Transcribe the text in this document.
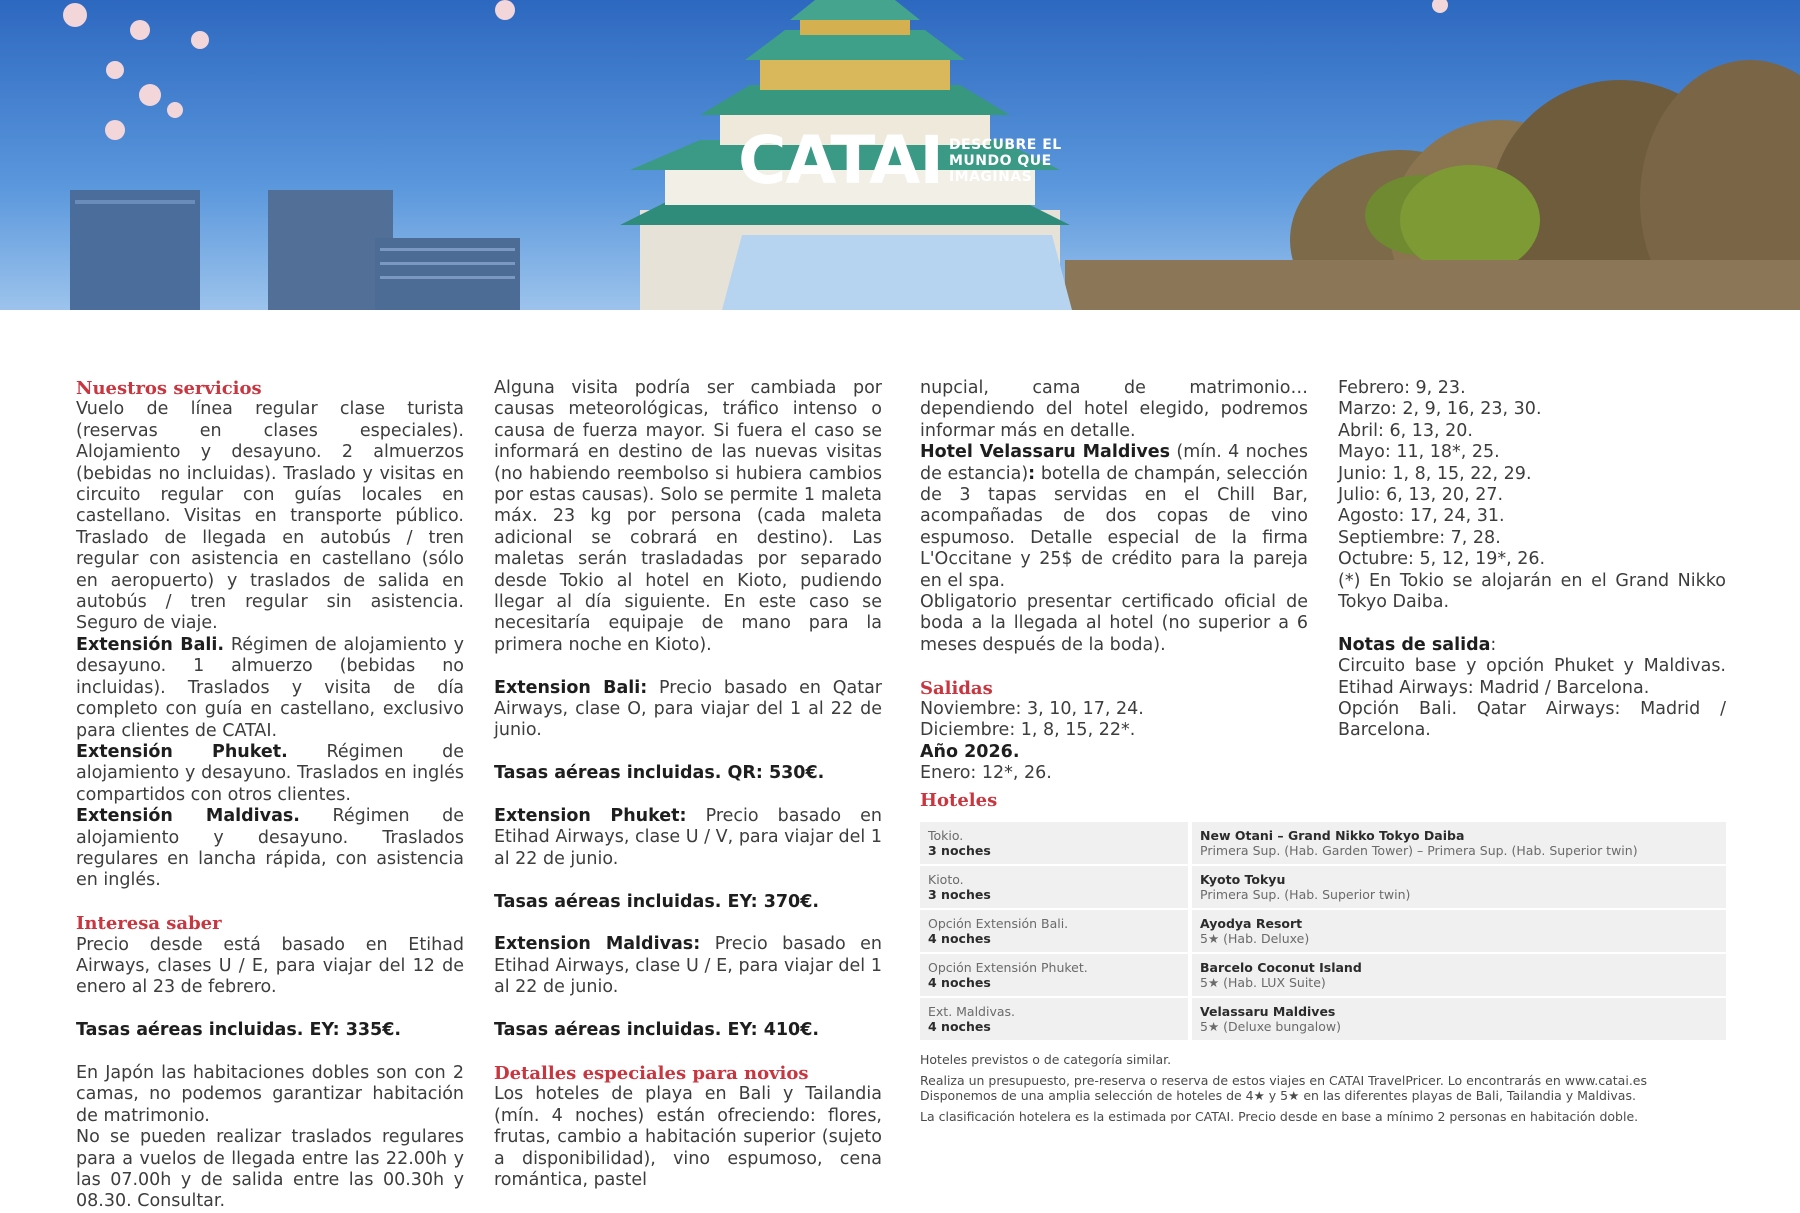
CATAI DESCUBRE EL
MUNDO QUE
IMAGINAS

Nuestros servicios

Vuelo de línea regular clase turista (reservas en clases especiales). Alojamiento y desayuno. 2 almuerzos (bebidas no incluidas). Traslado y visitas en circuito regular con guías locales en castellano. Visitas en transporte público. Traslado de llegada en autobús / tren regular con asistencia en castellano (sólo en aeropuerto) y traslados de salida en autobús / tren regular sin asistencia. Seguro de viaje.

Extensión Bali. Régimen de alojamiento y desayuno. 1 almuerzo (bebidas no incluidas). Traslados y visita de día completo con guía en castellano, exclusivo para clientes de CATAI.

Extensión Phuket. Régimen de alojamiento y desayuno. Traslados en inglés compartidos con otros clientes.

Extensión Maldivas. Régimen de alojamiento y desayuno. Traslados regulares en lancha rápida, con asistencia en inglés.

Interesa saber

Precio desde está basado en Etihad Airways, clases U / E, para viajar del 12 de enero al 23 de febrero.

Tasas aéreas incluidas. EY: 335€.

En Japón las habitaciones dobles son con 2 camas, no podemos garantizar habitación de matrimonio.

No se pueden realizar traslados regulares para a vuelos de llegada entre las 22.00h y las 07.00h y de salida entre las 00.30h y 08.30. Consultar.

Alguna visita podría ser cambiada por causas meteorológicas, tráfico intenso o causa de fuerza mayor. Si fuera el caso se informará en destino de las nuevas visitas (no habiendo reembolso si hubiera cambios por estas causas). Solo se permite 1 maleta máx. 23 kg por persona (cada maleta adicional se cobrará en destino). Las maletas serán trasladadas por separado desde Tokio al hotel en Kioto, pudiendo llegar al día siguiente. En este caso se necesitaría equipaje de mano para la primera noche en Kioto).

Extension Bali: Precio basado en Qatar Airways, clase O, para viajar del 1 al 22 de junio.

Tasas aéreas incluidas. QR: 530€.

Extension Phuket: Precio basado en Etihad Airways, clase U / V, para viajar del 1 al 22 de junio.

Tasas aéreas incluidas. EY: 370€.

Extension Maldivas: Precio basado en Etihad Airways, clase U / E, para viajar del 1 al 22 de junio.

Tasas aéreas incluidas. EY: 410€.

Detalles especiales para novios

Los hoteles de playa en Bali y Tailandia (mín. 4 noches) están ofreciendo: flores, frutas, cambio a habitación superior (sujeto a disponibilidad), vino espumoso, cena romántica, pastel

nupcial, cama de matrimonio… dependiendo del hotel elegido, podremos informar más en detalle.

Hotel Velassaru Maldives (mín. 4 noches de estancia): botella de champán, selección de 3 tapas servidas en el Chill Bar, acompañadas de dos copas de vino espumoso. Detalle especial de la firma L'Occitane y 25$ de crédito para la pareja en el spa.

Obligatorio presentar certificado oficial de boda a la llegada al hotel (no superior a 6 meses después de la boda).

Salidas

Noviembre: 3, 10, 17, 24.

Diciembre: 1, 8, 15, 22*.

Año 2026.

Enero: 12*, 26.

Febrero: 9, 23.

Marzo: 2, 9, 16, 23, 30.

Abril: 6, 13, 20.

Mayo: 11, 18*, 25.

Junio: 1, 8, 15, 22, 29.

Julio: 6, 13, 20, 27.

Agosto: 17, 24, 31.

Septiembre: 7, 28.

Octubre: 5, 12, 19*, 26.

(*) En Tokio se alojarán en el Grand Nikko Tokyo Daiba.

Notas de salida:

Circuito base y opción Phuket y Maldivas. Etihad Airways: Madrid / Barcelona.

Opción Bali. Qatar Airways: Madrid / Barcelona.

Hoteles

Tokio.
3 noches
New Otani – Grand Nikko Tokyo Daiba
Primera Sup. (Hab. Garden Tower) – Primera Sup. (Hab. Superior twin)
Kioto.
3 noches
Kyoto Tokyu
Primera Sup. (Hab. Superior twin)
Opción Extensión Bali.
4 noches
Ayodya Resort
5★ (Hab. Deluxe)
Opción Extensión Phuket.
4 noches
Barcelo Coconut Island
5★ (Hab. LUX Suite)
Ext. Maldivas.
4 noches
Velassaru Maldives
5★ (Deluxe bungalow)

Hoteles previstos o de categoría similar.

Realiza un presupuesto, pre-reserva o reserva de estos viajes en CATAI TravelPricer. Lo encontrarás en www.catai.es

Disponemos de una amplia selección de hoteles de 4★ y 5★ en las diferentes playas de Bali, Tailandia y Maldivas.

La clasificación hotelera es la estimada por CATAI. Precio desde en base a mínimo 2 personas en habitación doble.
